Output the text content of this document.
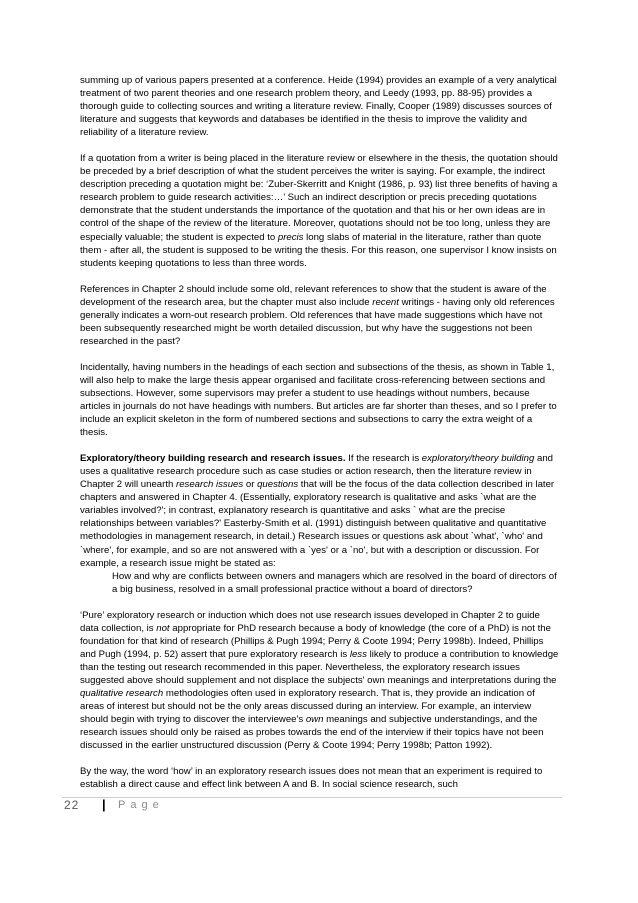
summing up of various papers presented at a conference. Heide (1994) provides an example of a very analytical treatment of two parent theories and one research problem theory, and Leedy (1993, pp. 88-95) provides a thorough guide to collecting sources and writing a literature review. Finally, Cooper (1989) discusses sources of literature and suggests that keywords and databases be identified in the thesis to improve the validity and reliability of a literature review.

If a quotation from a writer is being placed in the literature review or elsewhere in the thesis, the quotation should be preceded by a brief description of what the student perceives the writer is saying. For example, the indirect description preceding a quotation might be: ‘Zuber-Skerritt and Knight (1986, p. 93) list three benefits of having a research problem to guide research activities:…’ Such an indirect description or precis preceding quotations demonstrate that the student understands the importance of the quotation and that his or her own ideas are in control of the shape of the review of the literature. Moreover, quotations should not be too long, unless they are especially valuable; the student is expected to precis long slabs of material in the literature, rather than quote them - after all, the student is supposed to be writing the thesis. For this reason, one supervisor I know insists on students keeping quotations to less than three words.

References in Chapter 2 should include some old, relevant references to show that the student is aware of the development of the research area, but the chapter must also include recent writings - having only old references generally indicates a worn-out research problem. Old references that have made suggestions which have not been subsequently researched might be worth detailed discussion, but why have the suggestions not been researched in the past?

Incidentally, having numbers in the headings of each section and subsections of the thesis, as shown in Table 1, will also help to make the large thesis appear organised and facilitate cross-referencing between sections and subsections. However, some supervisors may prefer a student to use headings without numbers, because articles in journals do not have headings with numbers. But articles are far shorter than theses, and so I prefer to include an explicit skeleton in the form of numbered sections and subsections to carry the extra weight of a thesis.

Exploratory/theory building research and research issues. If the research is exploratory/theory building and uses a qualitative research procedure such as case studies or action research, then the literature review in Chapter 2 will unearth research issues or questions that will be the focus of the data collection described in later chapters and answered in Chapter 4. (Essentially, exploratory research is qualitative and asks `what are the variables involved?'; in contrast, explanatory research is quantitative and asks ` what are the precise relationships between variables?' Easterby-Smith et al. (1991) distinguish between qualitative and quantitative methodologies in management research, in detail.) Research issues or questions ask about `what', `who' and `where', for example, and so are not answered with a `yes' or a `no', but with a description or discussion. For example, a research issue might be stated as:

How and why are conflicts between owners and managers which are resolved in the board of directors of a big business, resolved in a small professional practice without a board of directors?

‘Pure’ exploratory research or induction which does not use research issues developed in Chapter 2 to guide data collection, is not appropriate for PhD research because a body of knowledge (the core of a PhD) is not the foundation for that kind of research (Phillips & Pugh 1994; Perry & Coote 1994; Perry 1998b). Indeed, Phillips and Pugh (1994, p. 52) assert that pure exploratory research is less likely to produce a contribution to knowledge than the testing out research recommended in this paper. Nevertheless, the exploratory research issues suggested above should supplement and not displace the subjects' own meanings and interpretations during the qualitative research methodologies often used in exploratory research. That is, they provide an indication of areas of interest but should not be the only areas discussed during an interview. For example, an interview should begin with trying to discover the interviewee's own meanings and subjective understandings, and the research issues should only be raised as probes towards the end of the interview if their topics have not been discussed in the earlier unstructured discussion (Perry & Coote 1994; Perry 1998b; Patton 1992).

By the way, the word ‘how’ in an exploratory research issues does not mean that an experiment is required to establish a direct cause and effect link between A and B. In social science research, such

22 | Page
